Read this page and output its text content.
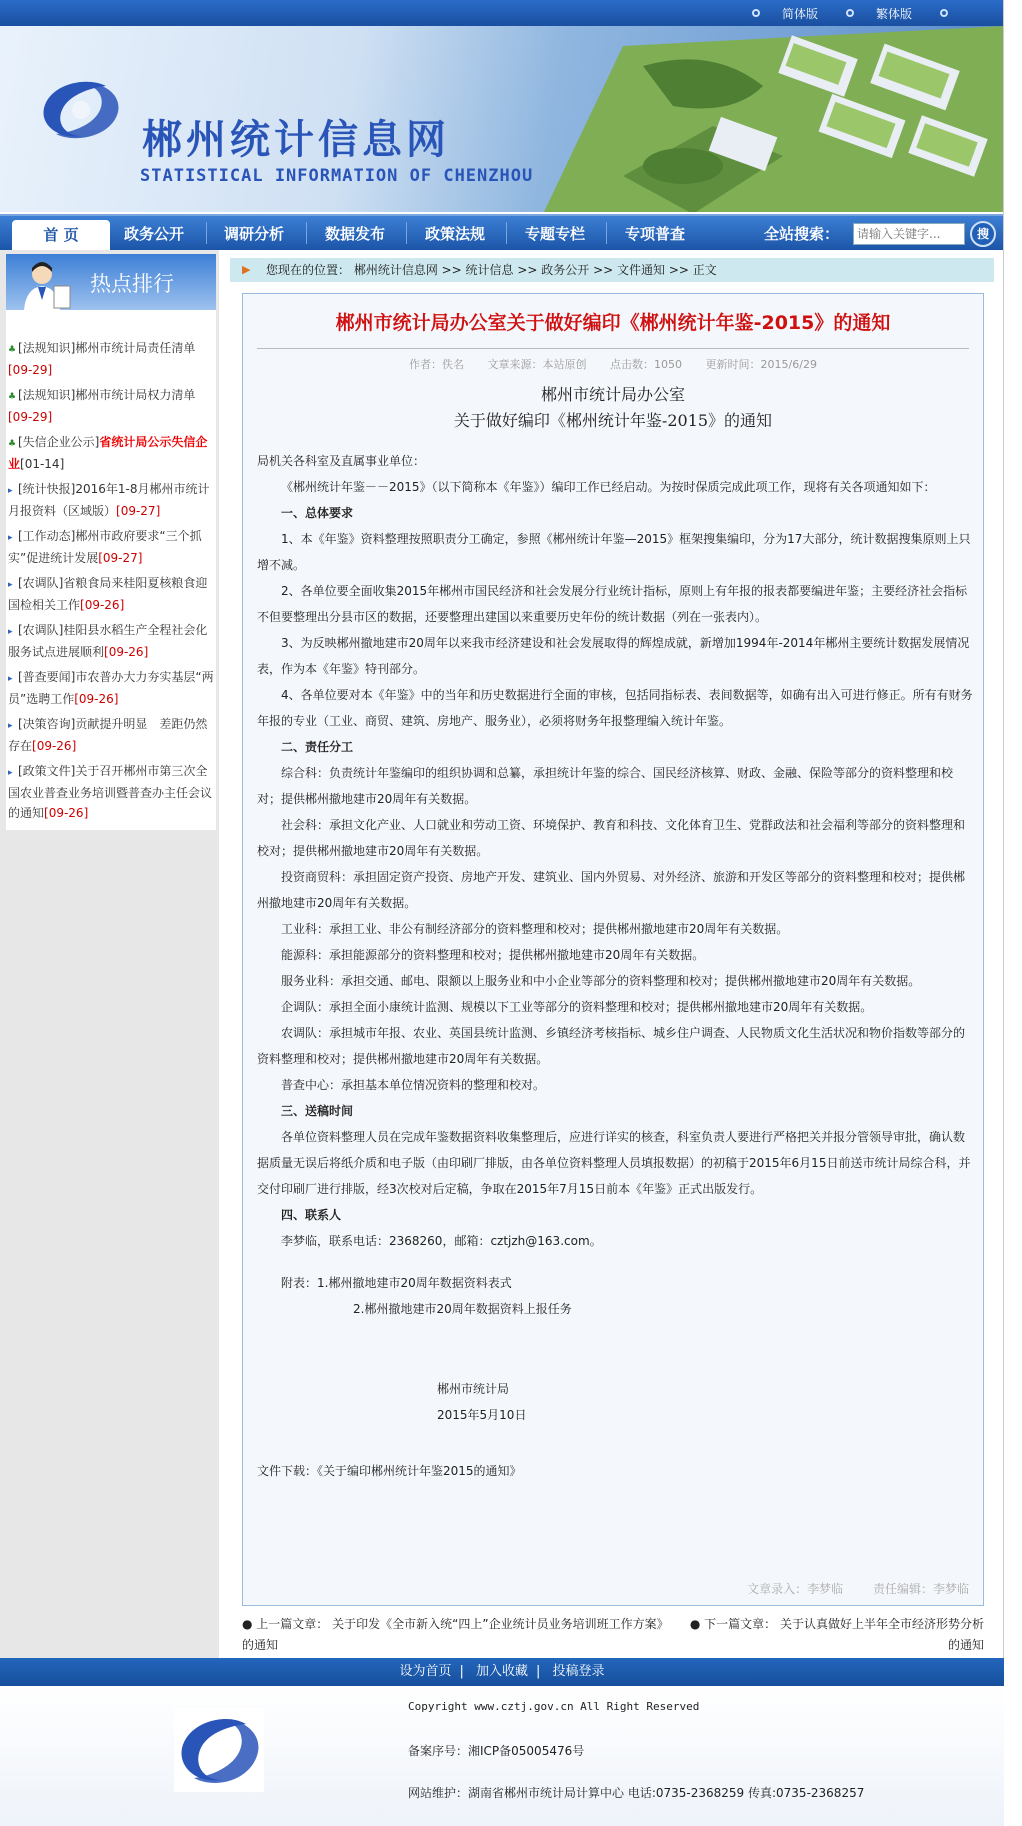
简体版	繁体版
郴州统计信息网
STATISTICAL INFORMATION OF CHENZHOU
首 页	政务公开	调研分析	数据发布	政策法规	专题专栏	专项普查	全站搜索：
请输入关键字...	搜
热点排行
♣ [法规知识]郴州市统计局责任清单[09-29]
♣ [法规知识]郴州市统计局权力清单[09-29]
♣ [失信企业公示]省统计局公示失信企业[01-14]
▸ [统计快报]2016年1-8月郴州市统计月报资料（区域版）[09-27]
▸ [工作动态]郴州市政府要求“三个抓实”促进统计发展[09-27]
▸ [农调队]省粮食局来桂阳夏核粮食迎国检相关工作[09-26]
▸ [农调队]桂阳县水稻生产全程社会化服务试点进展顺利[09-26]
▸ [普查要闻]市农普办大力夯实基层“两员”选聘工作[09-26]
▸ [决策咨询]贡献提升明显　差距仍然存在[09-26]
▸ [政策文件]关于召开郴州市第三次全国农业普查业务培训暨普查办主任会议的通知[09-26]
▶ 您现在的位置： 郴州统计信息网 >> 统计信息 >> 政务公开 >> 文件通知 >> 正文
郴州市统计局办公室关于做好编印《郴州统计年鉴-2015》的通知
作者：佚名 文章来源：本站原创 点击数：1050 更新时间：2015/6/29
郴州市统计局办公室
关于做好编印《郴州统计年鉴-2015》的通知

局机关各科室及直属事业单位：

《郴州统计年鉴－－2015》（以下简称本《年鉴》）编印工作已经启动。为按时保质完成此项工作，现将有关各项通知如下：

一、总体要求

1、本《年鉴》资料整理按照职责分工确定，参照《郴州统计年鉴—2015》框架搜集编印，分为17大部分，统计数据搜集原则上只增不减。

2、各单位要全面收集2015年郴州市国民经济和社会发展分行业统计指标，原则上有年报的报表都要编进年鉴；主要经济社会指标不但要整理出分县市区的数据，还要整理出建国以来重要历史年份的统计数据（列在一张表内）。

3、为反映郴州撤地建市20周年以来我市经济建设和社会发展取得的辉煌成就，新增加1994年-2014年郴州主要统计数据发展情况表，作为本《年鉴》特刊部分。

4、各单位要对本《年鉴》中的当年和历史数据进行全面的审核，包括同指标表、表间数据等，如确有出入可进行修正。所有有财务年报的专业（工业、商贸、建筑、房地产、服务业），必须将财务年报整理编入统计年鉴。

二、责任分工

综合科：负责统计年鉴编印的组织协调和总纂，承担统计年鉴的综合、国民经济核算、财政、金融、保险等部分的资料整理和校对；提供郴州撤地建市20周年有关数据。

社会科：承担文化产业、人口就业和劳动工资、环境保护、教育和科技、文化体育卫生、党群政法和社会福利等部分的资料整理和校对；提供郴州撤地建市20周年有关数据。

投资商贸科：承担固定资产投资、房地产开发、建筑业、国内外贸易、对外经济、旅游和开发区等部分的资料整理和校对；提供郴州撤地建市20周年有关数据。

工业科：承担工业、非公有制经济部分的资料整理和校对；提供郴州撤地建市20周年有关数据。

能源科：承担能源部分的资料整理和校对；提供郴州撤地建市20周年有关数据。

服务业科：承担交通、邮电、限额以上服务业和中小企业等部分的资料整理和校对；提供郴州撤地建市20周年有关数据。

企调队：承担全面小康统计监测、规模以下工业等部分的资料整理和校对；提供郴州撤地建市20周年有关数据。

农调队：承担城市年报、农业、英国县统计监测、乡镇经济考核指标、城乡住户调查、人民物质文化生活状况和物价指数等部分的资料整理和校对；提供郴州撤地建市20周年有关数据。

普查中心：承担基本单位情况资料的整理和校对。

三、送稿时间

各单位资料整理人员在完成年鉴数据资料收集整理后，应进行详实的核查，科室负责人要进行严格把关并报分管领导审批，确认数据质量无误后将纸介质和电子版（由印刷厂排版，由各单位资料整理人员填报数据）的初稿于2015年6月15日前送市统计局综合科，并交付印刷厂进行排版，经3次校对后定稿，争取在2015年7月15日前本《年鉴》正式出版发行。

四、联系人

李梦临，联系电话：2368260，邮箱：cztjzh@163.com。

附表：1.郴州撤地建市20周年数据资料表式

2.郴州撤地建市20周年数据资料上报任务

郴州市统计局

2015年5月10日

文件下载：《关于编印郴州统计年鉴2015的通知》

文章录入：李梦临 责任编辑：李梦临
● 上一篇文章： 关于印发《全市新入统“四上”企业统计员业务培训班工作方案》的通知
● 下一篇文章： 关于认真做好上半年全市经济形势分析的通知
设为首页 | 加入收藏 | 投稿登录
Copyright www.cztj.gov.cn All Right Reserved
备案序号：湘ICP备05005476号
网站维护：湖南省郴州市统计局计算中心 电话:0735-2368259 传真:0735-2368257
